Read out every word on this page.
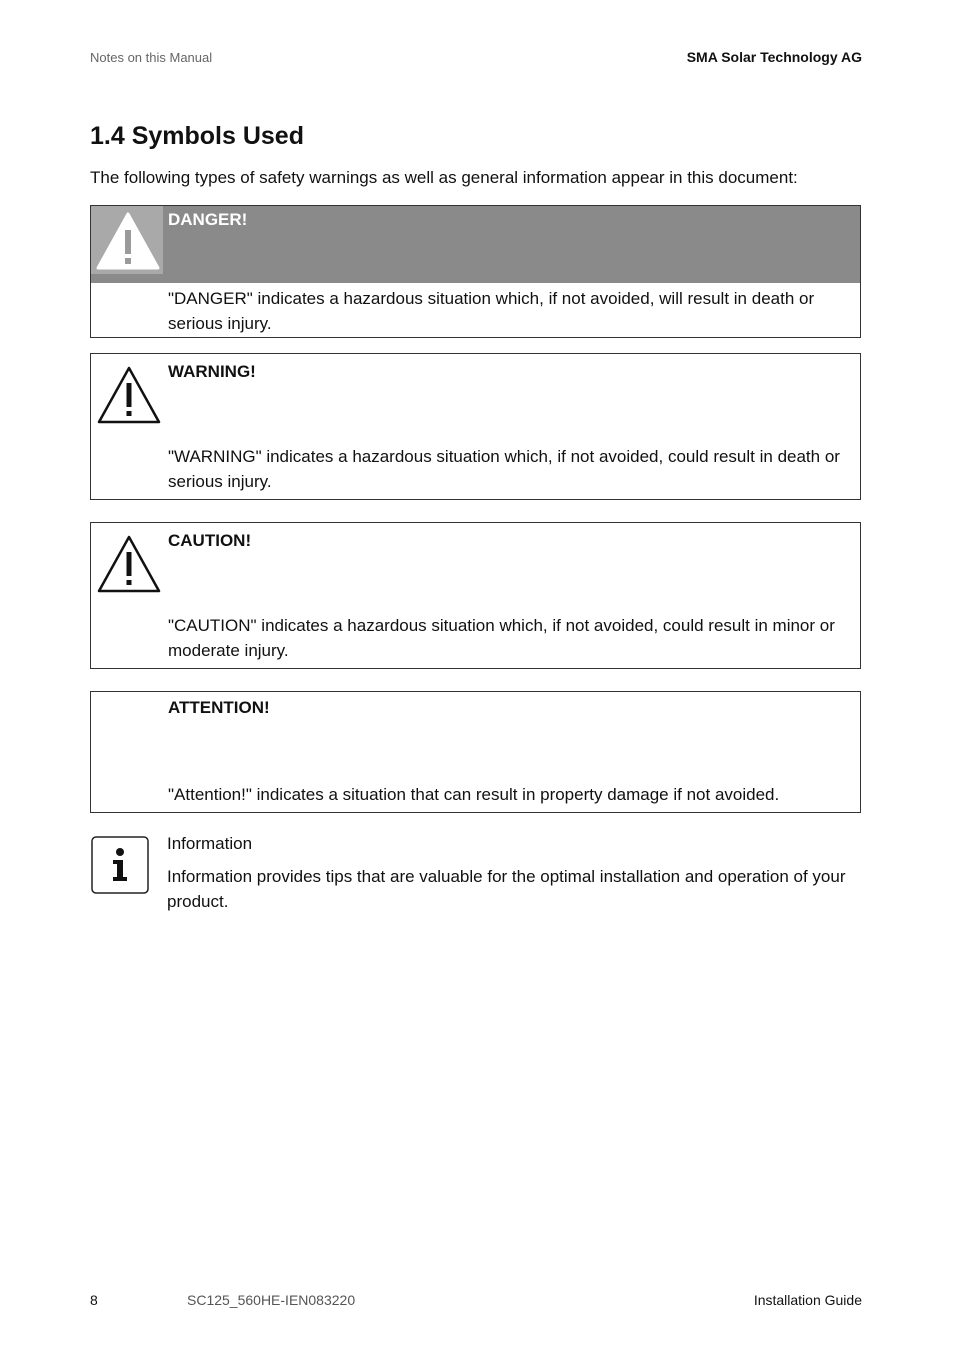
Notes on this Manual	SMA Solar Technology AG
1.4 Symbols Used
The following types of safety warnings as well as general information appear in this document:
DANGER!
"DANGER" indicates a hazardous situation which, if not avoided, will result in death or serious injury.
WARNING!
"WARNING" indicates a hazardous situation which, if not avoided, could result in death or serious injury.
CAUTION!
"CAUTION" indicates a hazardous situation which, if not avoided, could result in minor or moderate injury.
ATTENTION!
"Attention!" indicates a situation that can result in property damage if not avoided.
Information
Information provides tips that are valuable for the optimal installation and operation of your product.
8	SC125_560HE-IEN083220	Installation Guide
